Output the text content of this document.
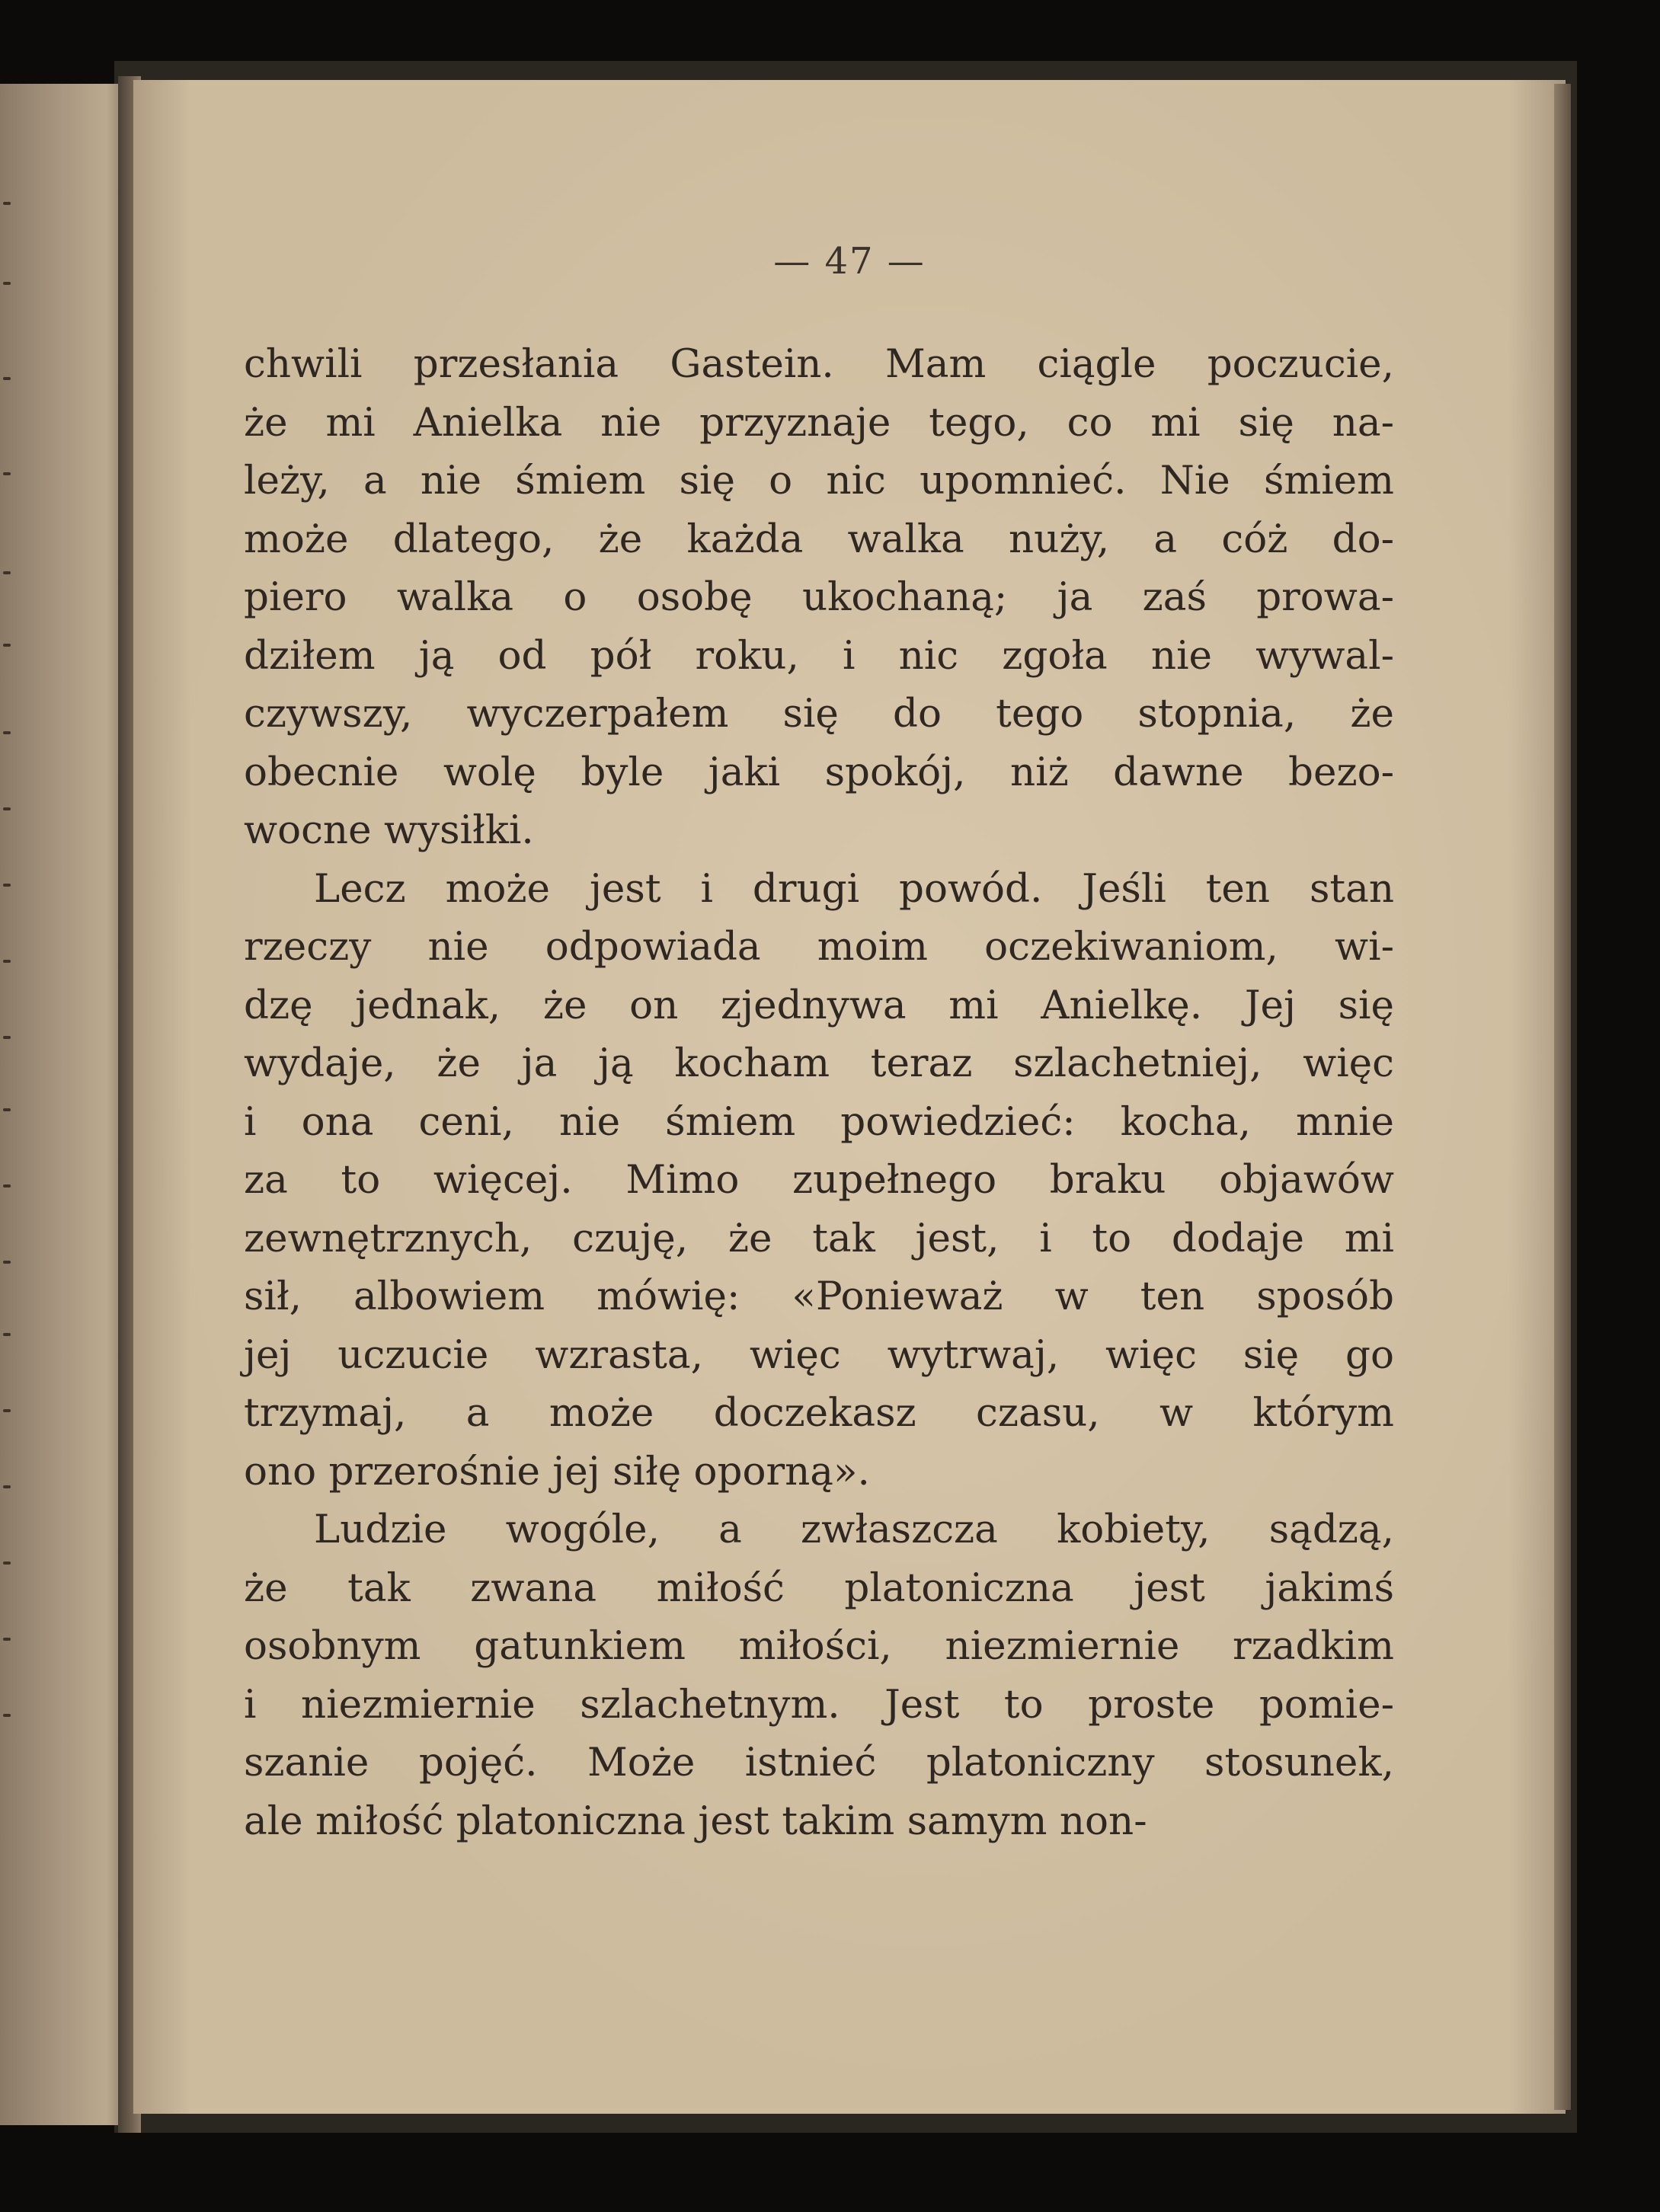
— 47 —
chwili przesłania Gastein. Mam ciągle poczucie,
że mi Anielka nie przyznaje tego, co mi się na-
leży, a nie śmiem się o nic upomnieć. Nie śmiem
może dlatego, że każda walka nuży, a cóż do-
piero walka o osobę ukochaną; ja zaś prowa-
dziłem ją od pół roku, i nic zgoła nie wywal-
czywszy, wyczerpałem się do tego stopnia, że
obecnie wolę byle jaki spokój, niż dawne bezo-
wocne wysiłki.
Lecz może jest i drugi powód. Jeśli ten stan
rzeczy nie odpowiada moim oczekiwaniom, wi-
dzę jednak, że on zjednywa mi Anielkę. Jej się
wydaje, że ja ją kocham teraz szlachetniej, więc
i ona ceni, nie śmiem powiedzieć: kocha, mnie
za to więcej. Mimo zupełnego braku objawów
zewnętrznych, czuję, że tak jest, i to dodaje mi
sił, albowiem mówię: «Ponieważ w ten sposób
jej uczucie wzrasta, więc wytrwaj, więc się go
trzymaj, a może doczekasz czasu, w którym
ono przerośnie jej siłę oporną».
Ludzie wogóle, a zwłaszcza kobiety, sądzą,
że tak zwana miłość platoniczna jest jakimś
osobnym gatunkiem miłości, niezmiernie rzadkim
i niezmiernie szlachetnym. Jest to proste pomie-
szanie pojęć. Może istnieć platoniczny stosunek,
ale miłość platoniczna jest takim samym non-
